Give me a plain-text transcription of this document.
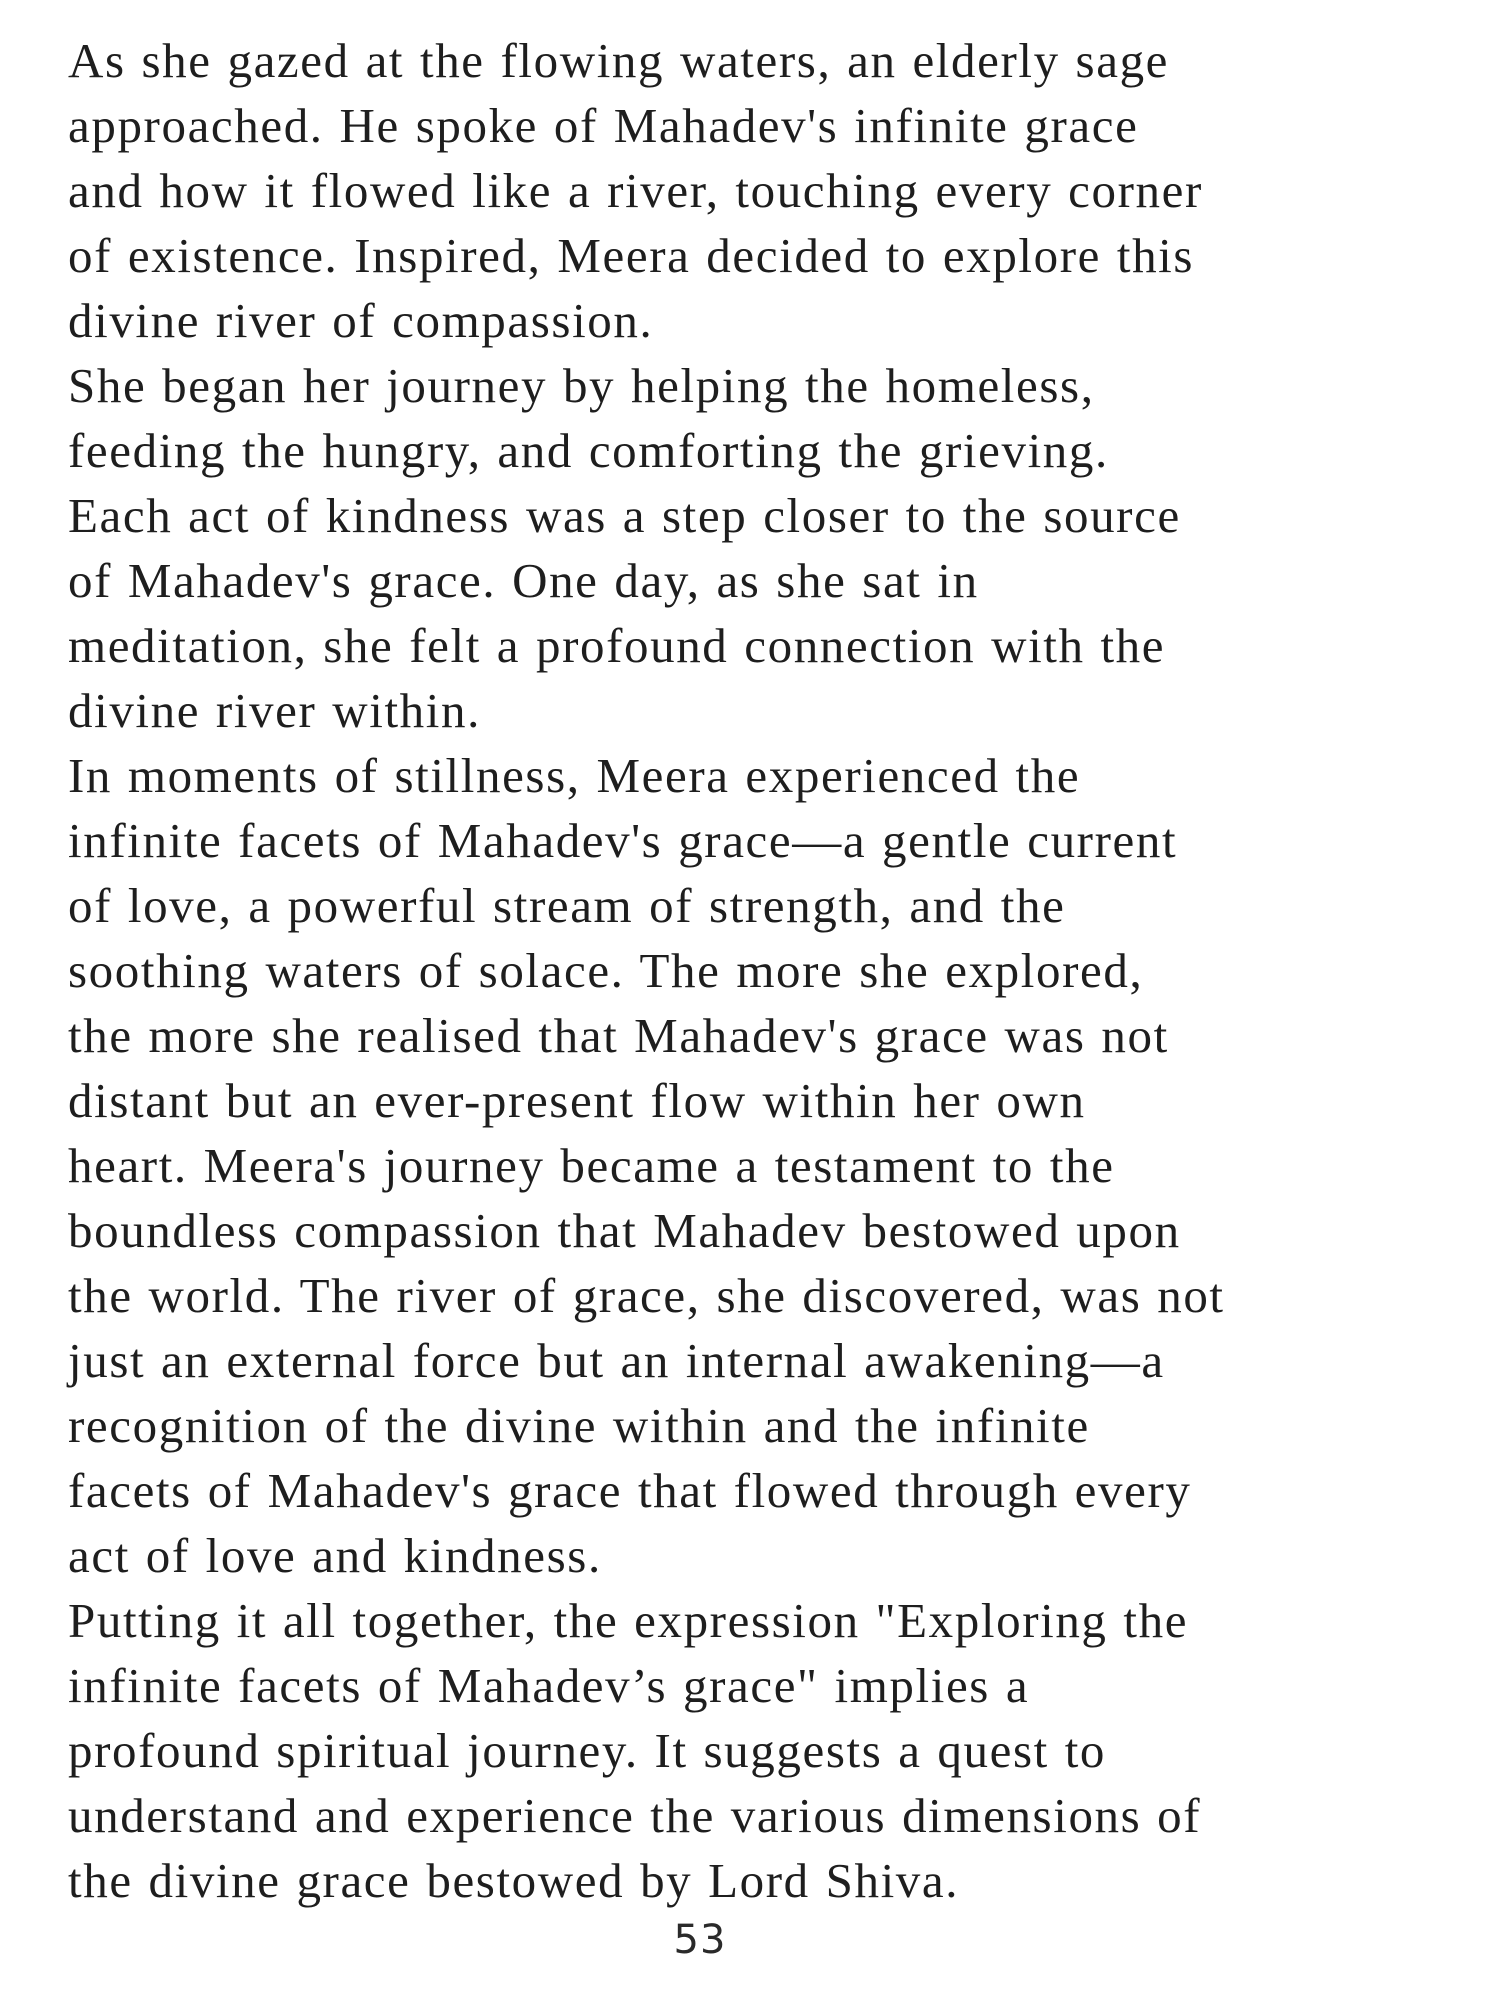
As she gazed at the flowing waters, an elderly sage
approached. He spoke of Mahadev's infinite grace
and how it flowed like a river, touching every corner
of existence. Inspired, Meera decided to explore this
divine river of compassion.
She began her journey by helping the homeless,
feeding the hungry, and comforting the grieving.
Each act of kindness was a step closer to the source
of Mahadev's grace. One day, as she sat in
meditation, she felt a profound connection with the
divine river within.
In moments of stillness, Meera experienced the
infinite facets of Mahadev's grace—a gentle current
of love, a powerful stream of strength, and the
soothing waters of solace. The more she explored,
the more she realised that Mahadev's grace was not
distant but an ever-present flow within her own
heart. Meera's journey became a testament to the
boundless compassion that Mahadev bestowed upon
the world. The river of grace, she discovered, was not
just an external force but an internal awakening—a
recognition of the divine within and the infinite
facets of Mahadev's grace that flowed through every
act of love and kindness.
Putting it all together, the expression "Exploring the
infinite facets of Mahadev’s grace" implies a
profound spiritual journey. It suggests a quest to
understand and experience the various dimensions of
the divine grace bestowed by Lord Shiva.
53
